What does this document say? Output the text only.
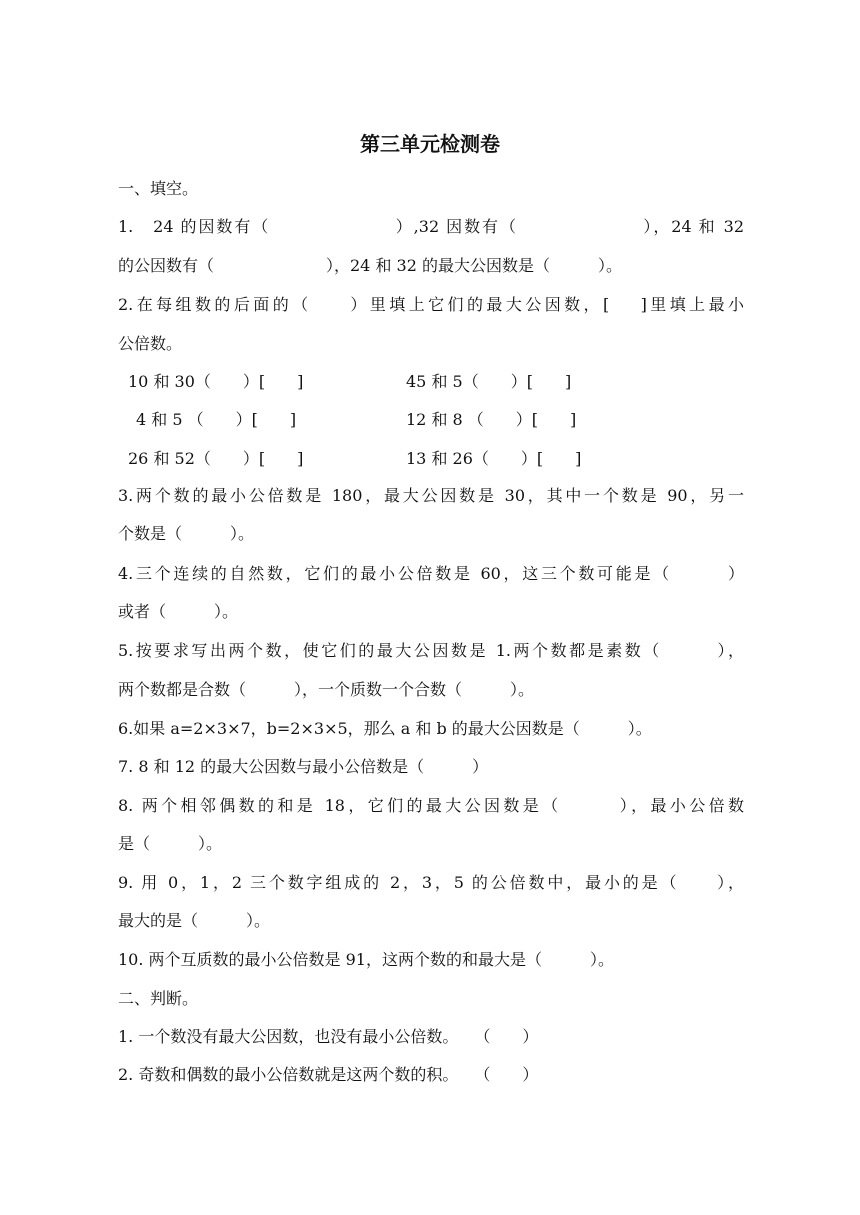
第三单元检测卷
一、填空。
1.　24 的因数有（　　　　　　　）,32 因数有（　　　　　　　），24 和 32
的公因数有（　　　　　　　），24 和 32 的最大公因数是（　　　）。
2.在每组数的后面的（　　）里填上它们的最大公因数，[　 ]里填上最小
公倍数。
10 和 30（　　）[　　]	45 和 5（　　）[　　]
4 和 5 （　　）[　　]	12 和 8 （　　）[　　]
26 和 52（　　）[　　]	13 和 26（　　）[　　]
3.两个数的最小公倍数是 180，最大公因数是 30，其中一个数是 90，另一
个数是（　　　）。
4.三个连续的自然数，它们的最小公倍数是 60，这三个数可能是（　　　）
或者（　　　）。
5.按要求写出两个数，使它们的最大公因数是 1.两个数都是素数（　　　），
两个数都是合数（　　　），一个质数一个合数（　　　）。
6.如果 a=2×3×7，b=2×3×5，那么 a 和 b 的最大公因数是（　　　）。
7. 8 和 12 的最大公因数与最小公倍数是（　　　）
8. 两个相邻偶数的和是 18，它们的最大公因数是（　　　），最小公倍数
是（　　　）。
9. 用 0，1，2 三个数字组成的 2，3，5 的公倍数中，最小的是（　　），
最大的是（　　　）。
10. 两个互质数的最小公倍数是 91，这两个数的和最大是（　　　）。
二、判断。
1. 一个数没有最大公因数，也没有最小公倍数。　　（　　）
2. 奇数和偶数的最小公倍数就是这两个数的积。　　（　　）
